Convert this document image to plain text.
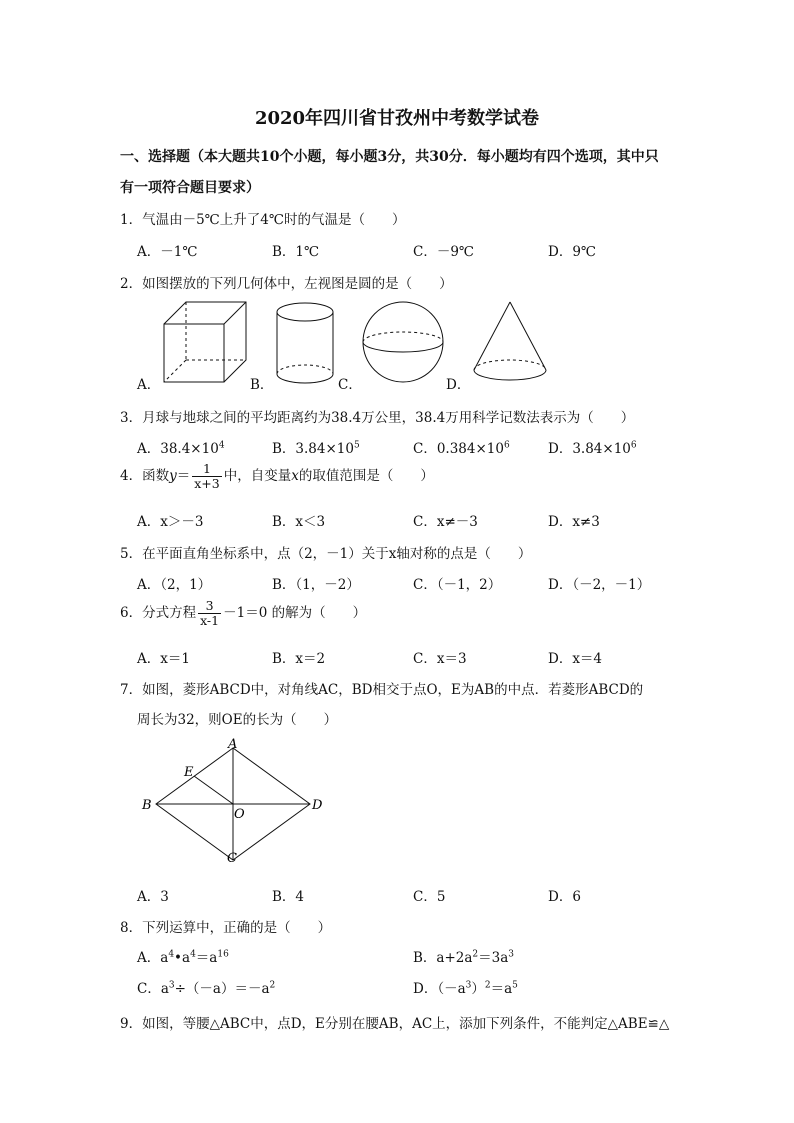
2020年四川省甘孜州中考数学试卷
一、选择题（本大题共10个小题，每小题3分，共30分．每小题均有四个选项，其中只
有一项符合题目要求）
1．气温由－5℃上升了4℃时的气温是（　　）
A．－1℃	B．1℃	C．－9℃	D．9℃
2．如图摆放的下列几何体中，左视图是圆的是（　　）
A．	B．	C．	D．
3．月球与地球之间的平均距离约为38.4万公里，38.4万用科学记数法表示为（　　）
A．$38.4\times 10^4$	B．$3.84\times 10^5$	C．$0.384\times 10^6$	D．$3.84\times 10^6$
4．函数$y= \frac{1}{x+3}$ 中，自变量x的取值范围是（　　）
A．x＞－3	B．x＜3	C．x≠－3	D．x≠3
5．在平面直角坐标系中，点（2，－1）关于x轴对称的点是（　　）
A．（2，1）	B．（1，－2）	C．（－1，2）	D．（－2，－1）
6．分式方程 $\frac{3}{x-1} -1=0$ 的解为（　　）
A．x＝1	B．x＝2	C．x＝3	D．x＝4
7．如图，菱形ABCD中，对角线AC，BD相交于点O，E为AB的中点．若菱形ABCD的
周长为32，则OE的长为（　　）
A
B
C
D
E
O
A．3	B．4	C．5	D．6
8．下列运算中，正确的是（　　）
A．$a^4•a^4=a^{16}$	B．$a+2a^2=3a^3$
C．$a^3\div(-a)=-a^2$	D．$(-a^3)^2=a^5$
9．如图，等腰△ABC中，点D，E分别在腰AB，AC上，添加下列条件，不能判定△ABE≌△
